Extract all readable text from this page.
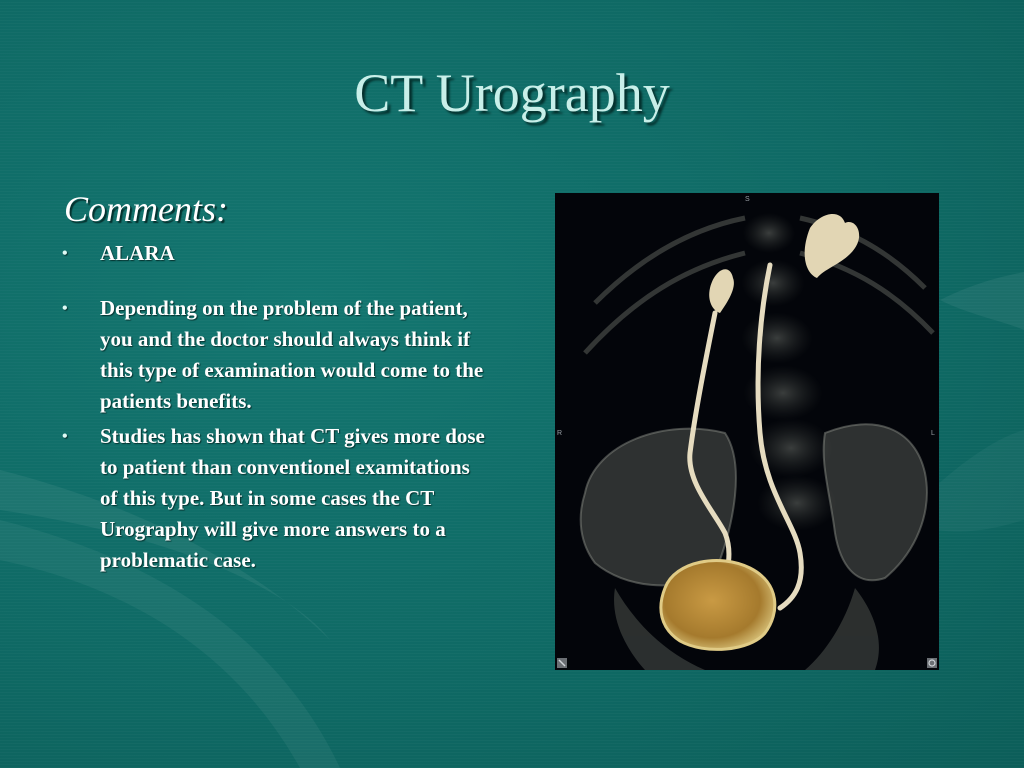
CT Urography
Comments:
• ALARA
• Depending on the problem of the patient, you and the doctor should always think if this type of examination would come to the patients benefits.
• Studies has shown that CT gives more dose to patient than conventionel examitations of this type. But in some cases the CT Urography will give more answers to a problematic case.
S
R	L
